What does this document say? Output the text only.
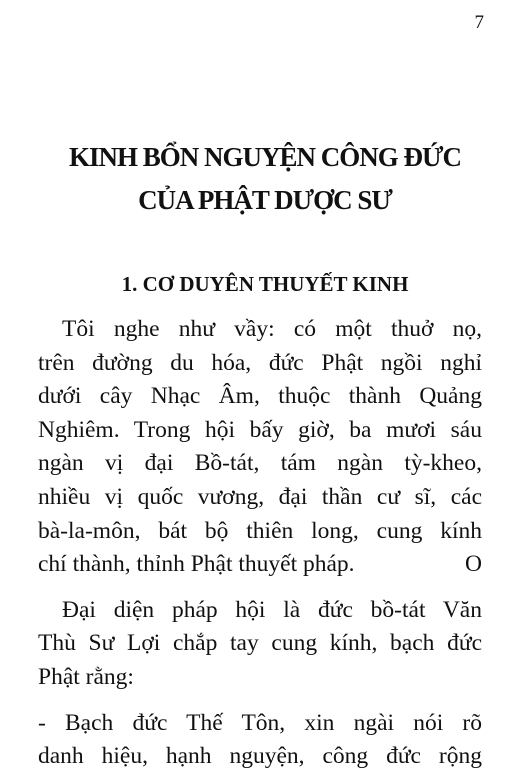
7
KINH BỔN NGUYỆN CÔNG ĐỨC
CỦA PHẬT DƯỢC SƯ
1. CƠ DUYÊN THUYẾT KINH
Tôi nghe như vầy: có một thuở nọ,
trên đường du hóa, đức Phật ngồi nghỉ
dưới cây Nhạc Âm, thuộc thành Quảng
Nghiêm. Trong hội bấy giờ, ba mươi sáu
ngàn vị đại Bồ-tát, tám ngàn tỳ-kheo,
nhiều vị quốc vương, đại thần cư sĩ, các
bà-la-môn, bát bộ thiên long, cung kính
chí thành, thỉnh Phật thuyết pháp.	O
Đại diện pháp hội là đức bồ-tát Văn
Thù Sư Lợi chắp tay cung kính, bạch đức
Phật rằng:
- Bạch đức Thế Tôn, xin ngài nói rõ
danh hiệu, hạnh nguyện, công đức rộng
